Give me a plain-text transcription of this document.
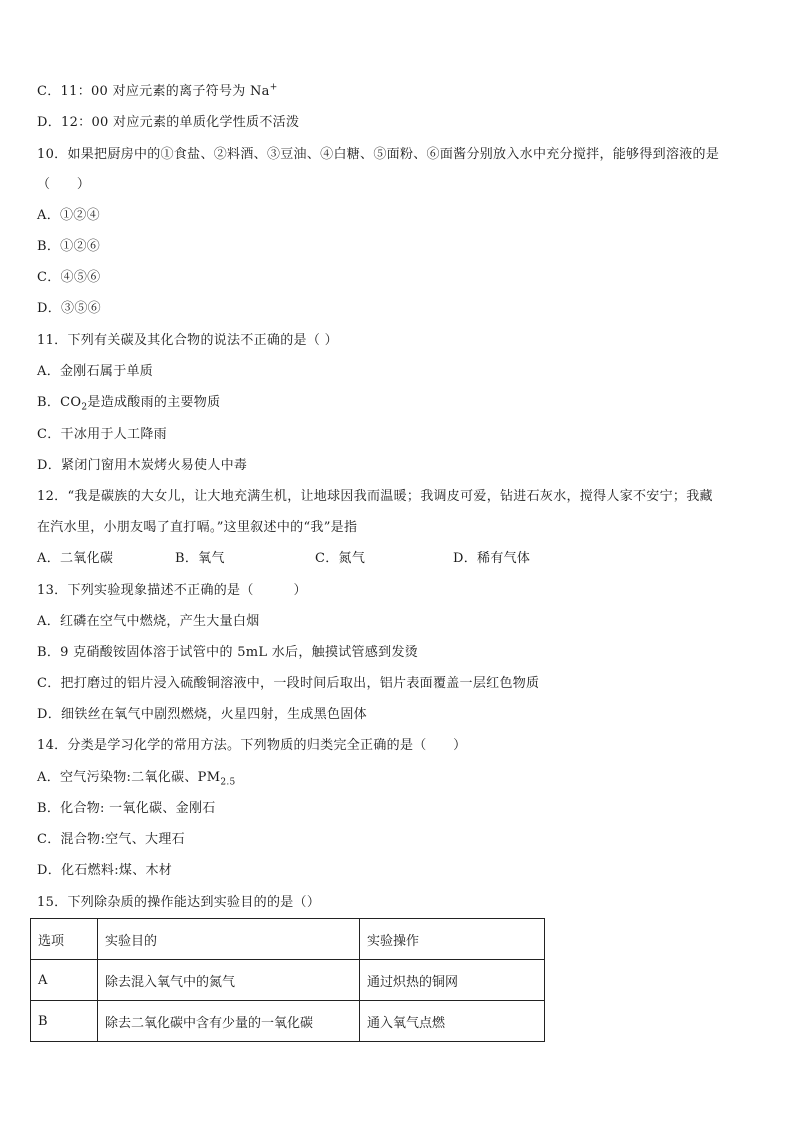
C．11：00 对应元素的离子符号为 Na+
D．12：00 对应元素的单质化学性质不活泼
10．如果把厨房中的①食盐、②料酒、③豆油、④白糖、⑤面粉、⑥面酱分别放入水中充分搅拌，能够得到溶液的是
（　　）
A．①②④
B．①②⑥
C．④⑤⑥
D．③⑤⑥
11．下列有关碳及其化合物的说法不正确的是（ ）
A．金刚石属于单质
B．$CO_2$是造成酸雨的主要物质
C．干冰用于人工降雨
D．紧闭门窗用木炭烤火易使人中毒
12．“我是碳族的大女儿，让大地充满生机，让地球因我而温暖；我调皮可爱，钻进石灰水，搅得人家不安宁；我藏
在汽水里，小朋友喝了直打嗝。”这里叙述中的“我”是指
A．二氧化碳	B．氧气	C．氮气	D．稀有气体
13．下列实验现象描述不正确的是（　　　）
A．红磷在空气中燃烧，产生大量白烟
B．9 克硝酸铵固体溶于试管中的 5mL 水后，触摸试管感到发烫
C．把打磨过的铝片浸入硫酸铜溶液中，一段时间后取出，铝片表面覆盖一层红色物质
D．细铁丝在氧气中剧烈燃烧，火星四射，生成黑色固体
14．分类是学习化学的常用方法。下列物质的归类完全正确的是（　　）
A．空气污染物:二氧化碳、$PM_{2.5}$
B．化合物: 一氧化碳、金刚石
C．混合物:空气、大理石
D．化石燃料:煤、木材
15．下列除杂质的操作能达到实验目的的是（）
选项	实验目的	实验操作
A	除去混入氧气中的氮气	通过炽热的铜网
B	除去二氧化碳中含有少量的一氧化碳	通入氧气点燃
